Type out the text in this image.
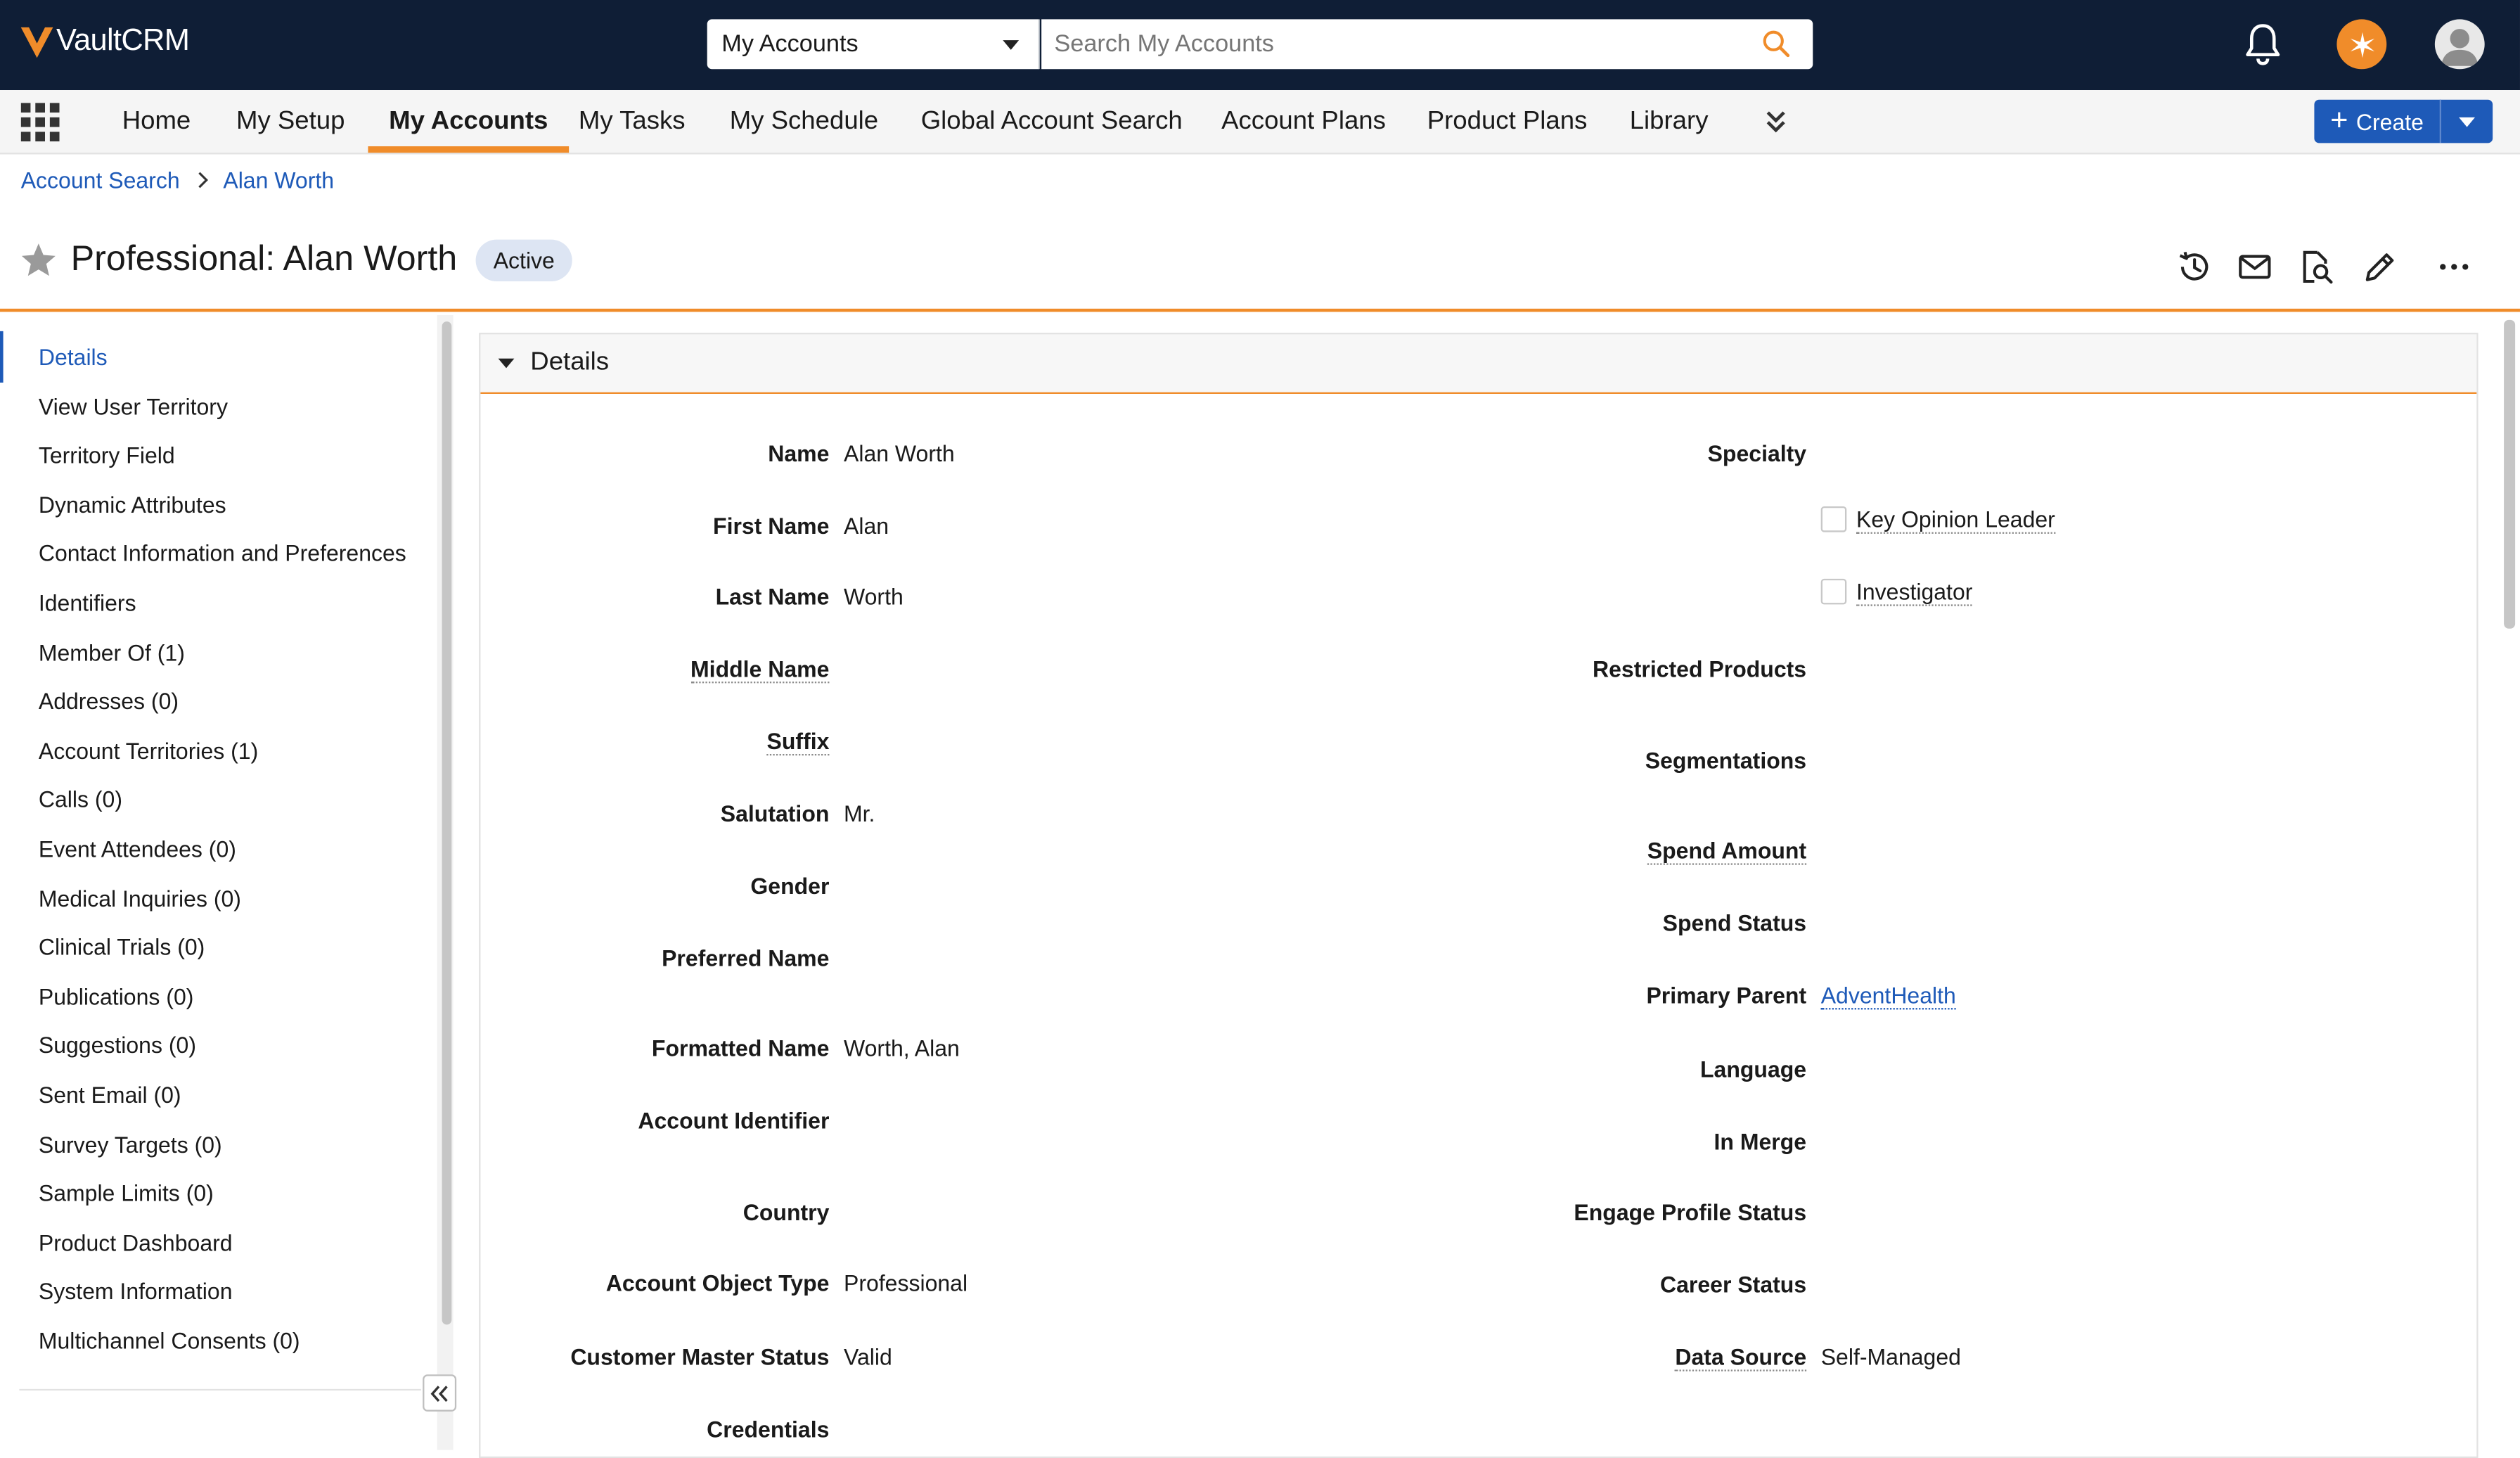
VaultCRM	My Accounts
Search My Accounts
Home	My Setup	My Accounts	My Tasks	My Schedule	Global Account Search	Account Plans	Product Plans	Library	+ Create
Account Search	Alan Worth
Professional: Alan Worth	Active
Details
View User Territory
Territory Field
Dynamic Attributes
Contact Information and Preferences
Identifiers
Member Of (1)
Addresses (0)
Account Territories (1)
Calls (0)
Event Attendees (0)
Medical Inquiries (0)
Clinical Trials (0)
Publications (0)
Suggestions (0)
Sent Email (0)
Survey Targets (0)
Sample Limits (0)
Product Dashboard
System Information
Multichannel Consents (0)
Details
Name Alan Worth
First Name Alan
Last Name Worth
Middle Name
Suffix
Salutation Mr.
Gender
Preferred Name
Formatted Name Worth, Alan
Account Identifier
Country
Account Object Type Professional
Customer Master Status Valid
Credentials
Specialty
Key Opinion Leader
Investigator
Restricted Products
Segmentations
Spend Amount
Spend Status
Primary Parent AdventHealth
Language
In Merge
Engage Profile Status
Career Status
Data Source Self-Managed
